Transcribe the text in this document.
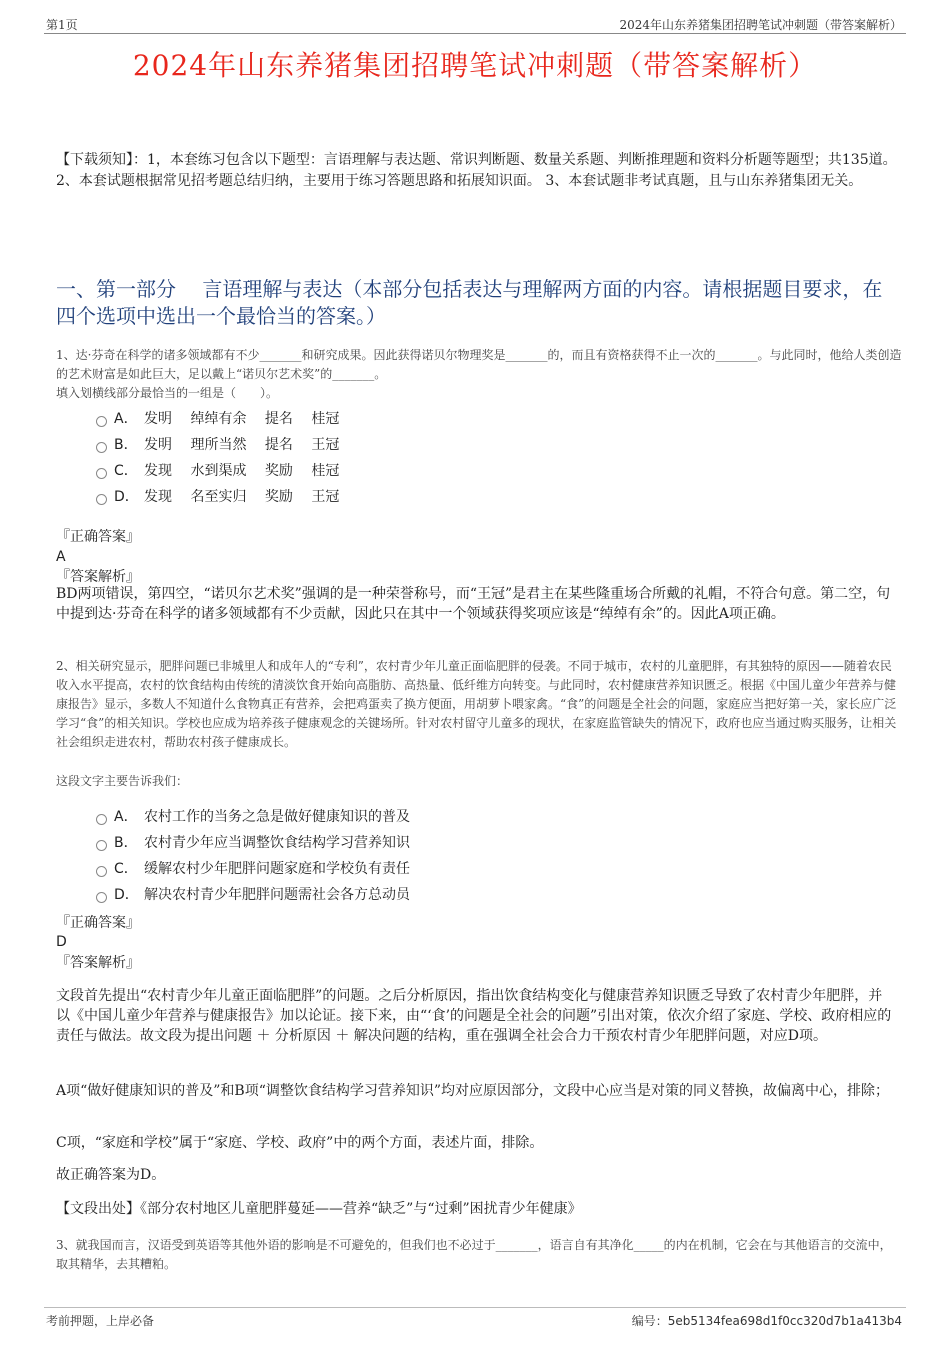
第1页	2024年山东养猪集团招聘笔试冲刺题（带答案解析）
2024年山东养猪集团招聘笔试冲刺题（带答案解析）
【下载须知】：1，本套练习包含以下题型：言语理解与表达题、常识判断题、数量关系题、判断推理题和资料分析题等题型；共135道。 2、本套试题根据常见招考题总结归纳，主要用于练习答题思路和拓展知识面。 3、本套试题非考试真题，且与山东养猪集团无关。
一、第一部分　 言语理解与表达（本部分包括表达与理解两方面的内容。请根据题目要求，在四个选项中选出一个最恰当的答案。）
1、达·芬奇在科学的诸多领域都有不少_______和研究成果。因此获得诺贝尔物理奖是_______的，而且有资格获得不止一次的_______。与此同时，他给人类创造的艺术财富是如此巨大，足以戴上“诺贝尔艺术奖”的_______。
填入划横线部分最恰当的一组是（　　）。
A． 发明　 绰绰有余　 提名　 桂冠
B． 发明　 理所当然　 提名　 王冠
C． 发现　 水到渠成　 奖励　 桂冠
D． 发现　 名至实归　 奖励　 王冠
『正确答案』
A
『答案解析』
BD两项错误，第四空，“诺贝尔艺术奖”强调的是一种荣誉称号，而“王冠”是君主在某些隆重场合所戴的礼帽，不符合句意。第二空，句中提到达·芬奇在科学的诸多领域都有不少贡献，因此只在其中一个领域获得奖项应该是“绰绰有余”的。因此A项正确。
2、相关研究显示，肥胖问题已非城里人和成年人的“专利”，农村青少年儿童正面临肥胖的侵袭。不同于城市，农村的儿童肥胖，有其独特的原因——随着农民收入水平提高，农村的饮食结构由传统的清淡饮食开始向高脂肪、高热量、低纤维方向转变。与此同时，农村健康营养知识匮乏。根据《中国儿童少年营养与健康报告》显示，多数人不知道什么食物真正有营养，会把鸡蛋卖了换方便面，用胡萝卜喂家禽。“食”的问题是全社会的问题，家庭应当把好第一关，家长应广泛学习“食”的相关知识。学校也应成为培养孩子健康观念的关键场所。针对农村留守儿童多的现状，在家庭监管缺失的情况下，政府也应当通过购买服务，让相关社会组织走进农村，帮助农村孩子健康成长。
这段文字主要告诉我们：
A． 农村工作的当务之急是做好健康知识的普及
B． 农村青少年应当调整饮食结构学习营养知识
C． 缓解农村少年肥胖问题家庭和学校负有责任
D． 解决农村青少年肥胖问题需社会各方总动员
『正确答案』
D
『答案解析』
文段首先提出“农村青少年儿童正面临肥胖”的问题。之后分析原因，指出饮食结构变化与健康营养知识匮乏导致了农村青少年肥胖，并以《中国儿童少年营养与健康报告》加以论证。接下来，由“‘食’的问题是全社会的问题”引出对策，依次介绍了家庭、学校、政府相应的责任与做法。故文段为提出问题 ＋ 分析原因 ＋ 解决问题的结构，重在强调全社会合力干预农村青少年肥胖问题，对应D项。
A项“做好健康知识的普及”和B项“调整饮食结构学习营养知识”均对应原因部分，文段中心应当是对策的同义替换，故偏离中心，排除；
C项，“家庭和学校”属于“家庭、学校、政府”中的两个方面，表述片面，排除。
故正确答案为D。
【文段出处】《部分农村地区儿童肥胖蔓延——营养“缺乏”与“过剩”困扰青少年健康》
3、就我国而言，汉语受到英语等其他外语的影响是不可避免的，但我们也不必过于_______，语言自有其净化_____的内在机制，它会在与其他语言的交流中，取其精华，去其糟粕。
考前押题，上岸必备	编号：5eb5134fea698d1f0cc320d7b1a413b4
